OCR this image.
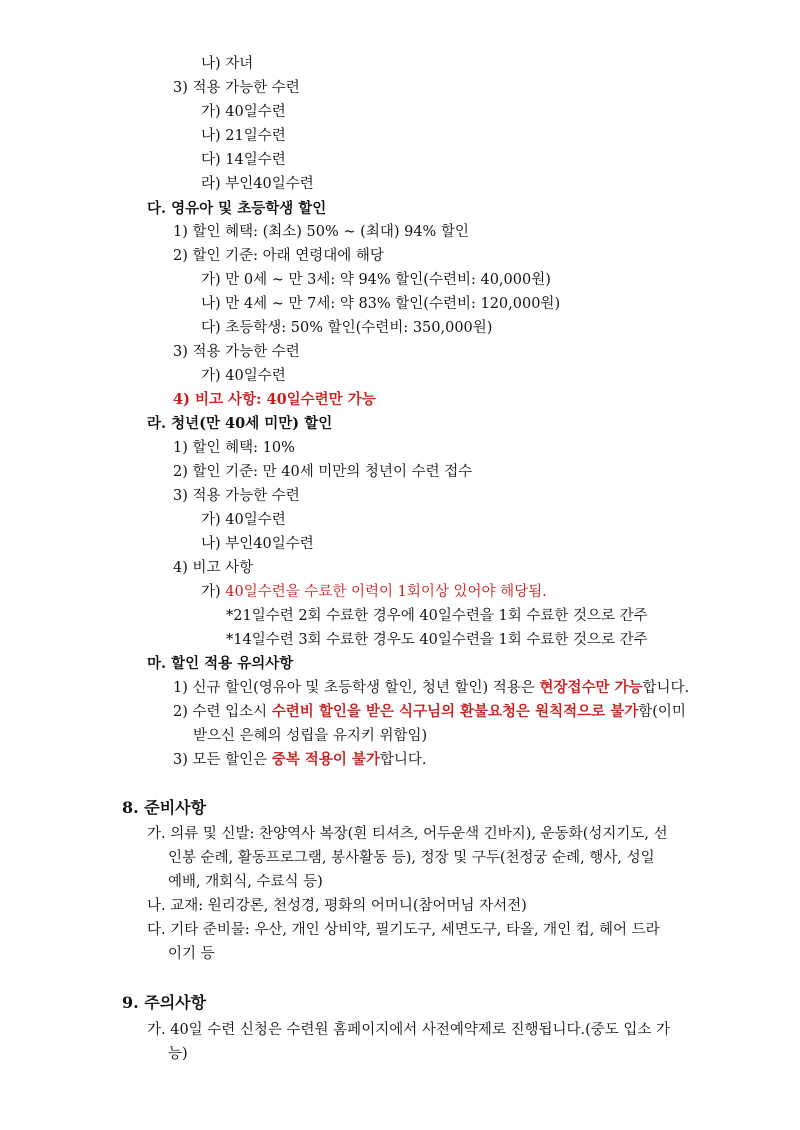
나) 자녀
3) 적용 가능한 수련
가) 40일수련
나) 21일수련
다) 14일수련
라) 부인40일수련
다. 영유아 및 초등학생 할인
1) 할인 혜택: (최소) 50% ~ (최대) 94% 할인
2) 할인 기준: 아래 연령대에 해당
가) 만 0세 ~ 만 3세: 약 94% 할인(수련비: 40,000원)
나) 만 4세 ~ 만 7세: 약 83% 할인(수련비: 120,000원)
다) 초등학생: 50% 할인(수련비: 350,000원)
3) 적용 가능한 수련
가) 40일수련
4) 비고 사항: 40일수련만 가능
라. 청년(만 40세 미만) 할인
1) 할인 혜택: 10%
2) 할인 기준: 만 40세 미만의 청년이 수련 접수
3) 적용 가능한 수련
가) 40일수련
나) 부인40일수련
4) 비고 사항
가) 40일수련을 수료한 이력이 1회이상 있어야 해당됨.
*21일수련 2회 수료한 경우에 40일수련을 1회 수료한 것으로 간주
*14일수련 3회 수료한 경우도 40일수련을 1회 수료한 것으로 간주
마. 할인 적용 유의사항
1) 신규 할인(영유아 및 초등학생 할인, 청년 할인) 적용은 현장접수만 가능합니다.
2) 수련 입소시 수련비 할인을 받은 식구님의 환불요청은 원칙적으로 불가함(이미
받으신 은혜의 성립을 유지키 위함임)
3) 모든 할인은 중복 적용이 불가합니다.
8. 준비사항
가. 의류 및 신발: 찬양역사 복장(흰 티셔츠, 어두운색 긴바지), 운동화(성지기도, 선
인봉 순례, 활동프로그램, 봉사활동 등), 정장 및 구두(천정궁 순례, 행사, 성일
예배, 개회식, 수료식 등)
나. 교재: 원리강론, 천성경, 평화의 어머니(참어머님 자서전)
다. 기타 준비물: 우산, 개인 상비약, 필기도구, 세면도구, 타올, 개인 컵, 헤어 드라
이기 등
9. 주의사항
가. 40일 수련 신청은 수련원 홈페이지에서 사전예약제로 진행됩니다.(중도 입소 가
능)
